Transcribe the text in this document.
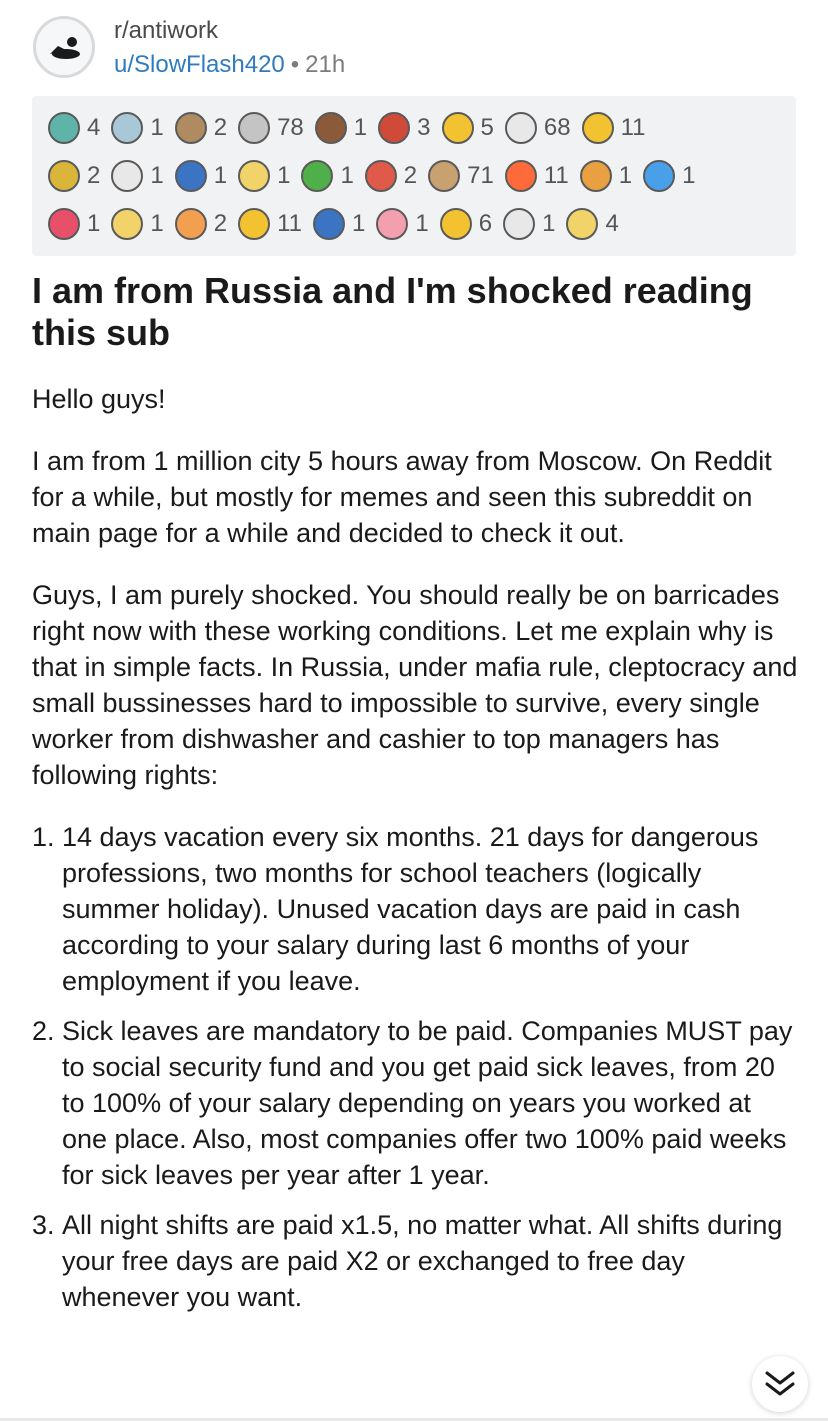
r/antiwork
u/SlowFlash420 • 21h
4 1 2 78 1 3 5 68 11
2 1 1 1 1 2 71 11 1 1
1 1 2 11 1 1 6 1 4
I am from Russia and I'm shocked reading this sub

Hello guys!

I am from 1 million city 5 hours away from Moscow. On Reddit for a while, but mostly for memes and seen this subreddit on main page for a while and decided to check it out.

Guys, I am purely shocked. You should really be on barricades right now with these working conditions. Let me explain why is that in simple facts. In Russia, under mafia rule, cleptocracy and small bussinesses hard to impossible to survive, every single worker from dishwasher and cashier to top managers has following rights:

1. 14 days vacation every six months. 21 days for dangerous professions, two months for school teachers (logically summer holiday). Unused vacation days are paid in cash according to your salary during last 6 months of your employment if you leave.
2. Sick leaves are mandatory to be paid. Companies MUST pay to social security fund and you get paid sick leaves, from 20 to 100% of your salary depending on years you worked at one place. Also, most companies offer two 100% paid weeks for sick leaves per year after 1 year.
3. All night shifts are paid x1.5, no matter what. All shifts during your free days are paid X2 or exchanged to free day whenever you want.
